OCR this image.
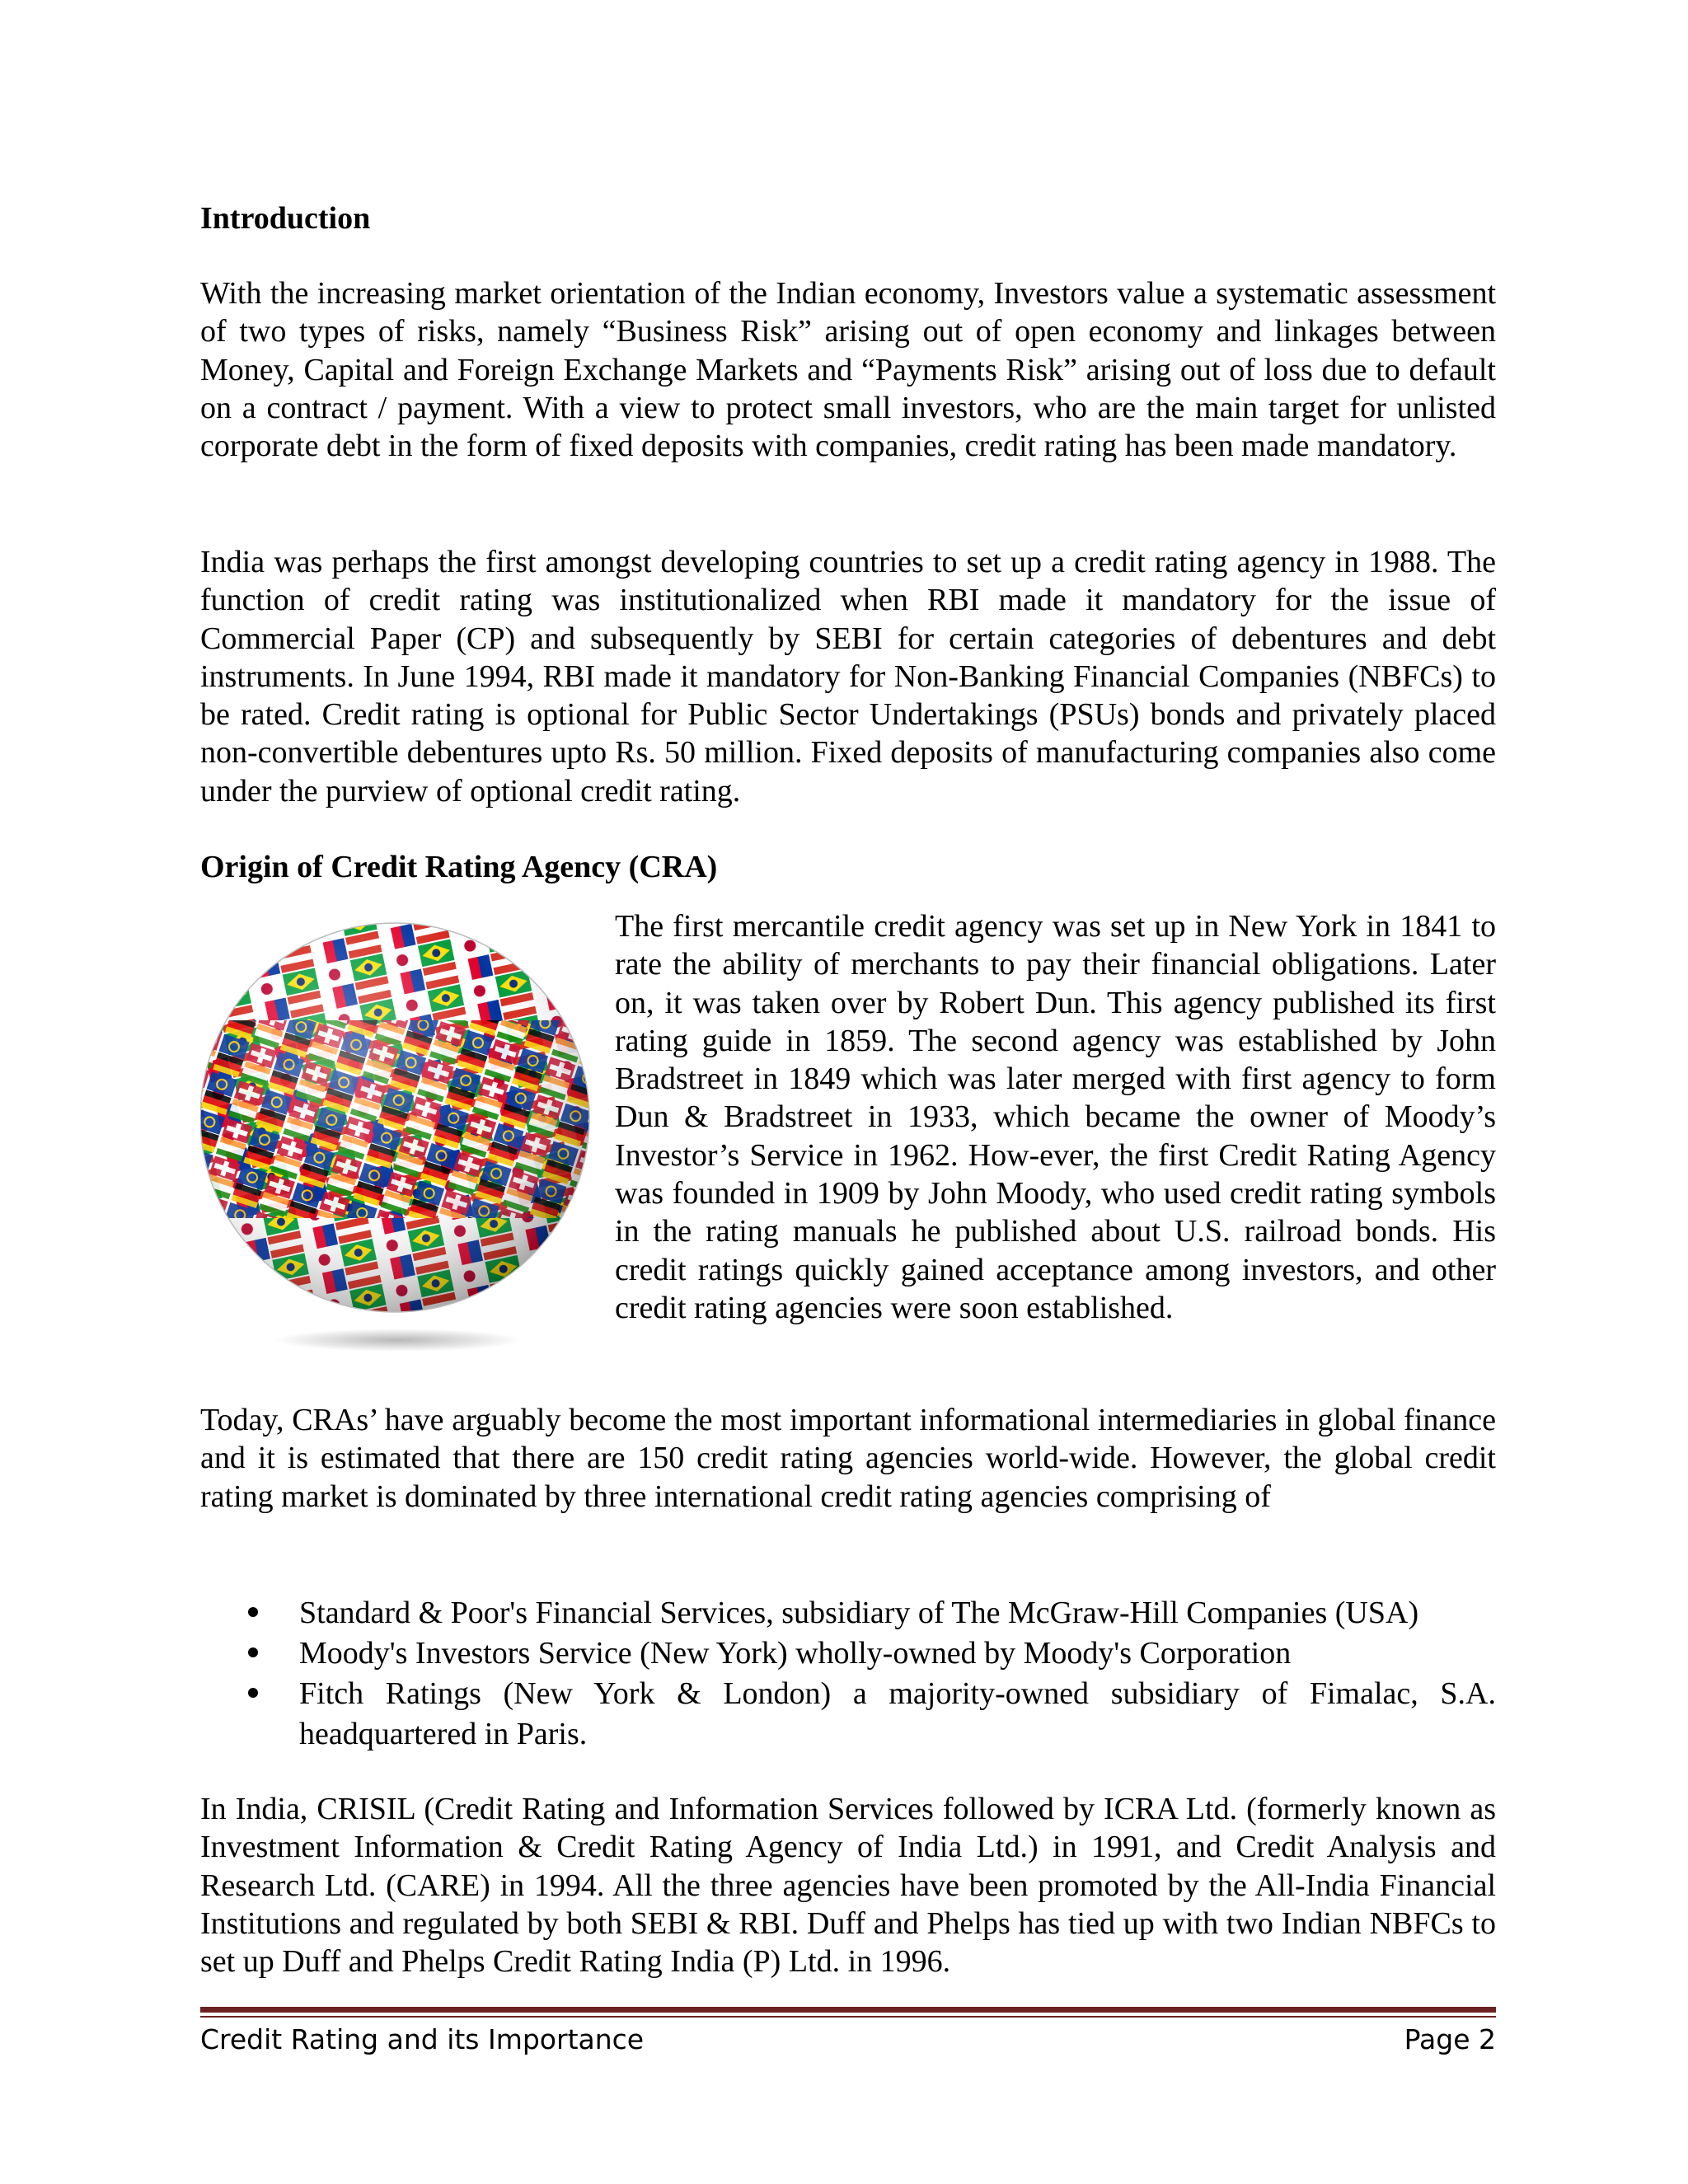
Introduction

With the increasing market orientation of the Indian economy, Investors value a systematic assessment of two types of risks, namely “Business Risk” arising out of open economy and linkages between Money, Capital and Foreign Exchange Markets and “Payments Risk” arising out of loss due to default on a contract / payment. With a view to protect small investors, who are the main target for unlisted corporate debt in the form of fixed deposits with companies, credit rating has been made mandatory.

India was perhaps the first amongst developing countries to set up a credit rating agency in 1988. The function of credit rating was institutionalized when RBI made it mandatory for the issue of Commercial Paper (CP) and subsequently by SEBI for certain categories of debentures and debt instruments. In June 1994, RBI made it mandatory for Non-Banking Financial Companies (NBFCs) to be rated. Credit rating is optional for Public Sector Undertakings (PSUs) bonds and privately placed non-convertible debentures upto Rs. 50 million. Fixed deposits of manufacturing companies also come under the purview of optional credit rating.

Origin of Credit Rating Agency (CRA)

The first mercantile credit agency was set up in New York in 1841 to rate the ability of merchants to pay their financial obligations. Later on, it was taken over by Robert Dun. This agency published its first rating guide in 1859. The second agency was established by John Bradstreet in 1849 which was later merged with first agency to form Dun & Bradstreet in 1933, which became the owner of Moody’s Investor’s Service in 1962. How-ever, the first Credit Rating Agency was founded in 1909 by John Moody, who used credit rating symbols in the rating manuals he published about U.S. railroad bonds. His credit ratings quickly gained acceptance among investors, and other credit rating agencies were soon established.

Today, CRAs’ have arguably become the most important informational intermediaries in global finance and it is estimated that there are 150 credit rating agencies world-wide. However, the global credit rating market is dominated by three international credit rating agencies comprising of

Standard & Poor's Financial Services, subsidiary of The McGraw-Hill Companies (USA)
Moody's Investors Service (New York) wholly-owned by Moody's Corporation
Fitch Ratings (New York & London) a majority-owned subsidiary of Fimalac, S.A. headquartered in Paris.

In India, CRISIL (Credit Rating and Information Services followed by ICRA Ltd. (formerly known as Investment Information & Credit Rating Agency of India Ltd.) in 1991, and Credit Analysis and Research Ltd. (CARE) in 1994. All the three agencies have been promoted by the All-India Financial Institutions and regulated by both SEBI & RBI. Duff and Phelps has tied up with two Indian NBFCs to set up Duff and Phelps Credit Rating India (P) Ltd. in 1996.

Credit Rating and its Importance	Page 2
